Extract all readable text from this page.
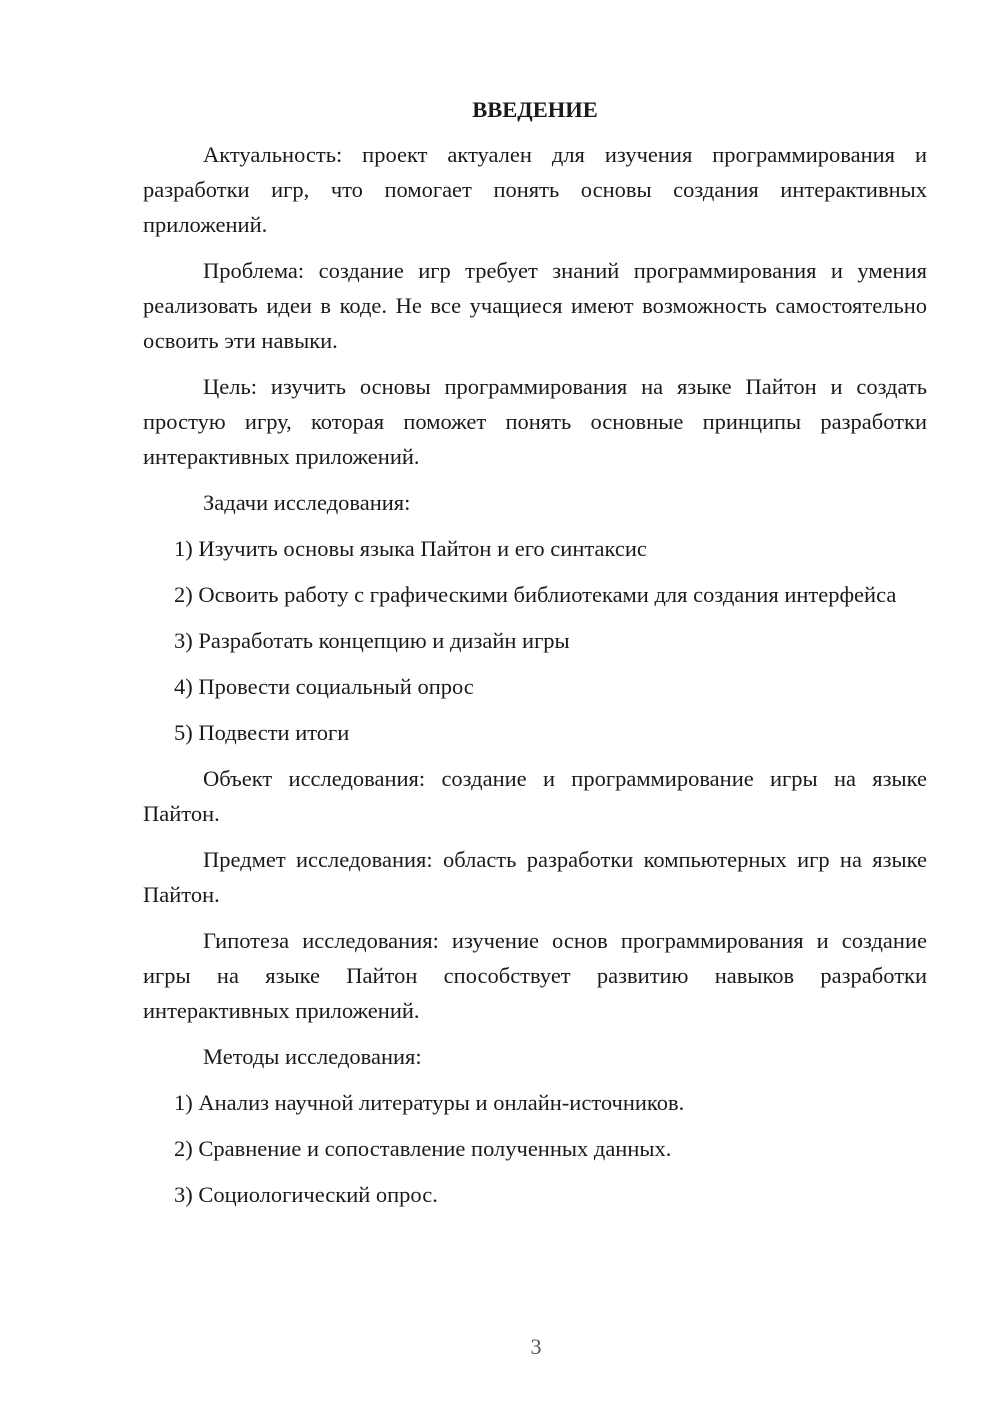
ВВЕДЕНИЕ

Актуальность: проект актуален для изучения программирования и разработки игр, что помогает понять основы создания интерактивных приложений.

Проблема: создание игр требует знаний программирования и умения реализовать идеи в коде. Не все учащиеся имеют возможность самостоятельно освоить эти навыки.

Цель: изучить основы программирования на языке Пайтон и создать простую игру, которая поможет понять основные принципы разработки интерактивных приложений.

Задачи исследования:

1) Изучить основы языка Пайтон и его синтаксис

2) Освоить работу с графическими библиотеками для создания интерфейса

3) Разработать концепцию и дизайн игры

4) Провести социальный опрос

5) Подвести итоги

Объект исследования: создание и программирование игры на языке Пайтон.

Предмет исследования: область разработки компьютерных игр на языке Пайтон.

Гипотеза исследования: изучение основ программирования и создание игры на языке Пайтон способствует развитию навыков разработки интерактивных приложений.

Методы исследования:

1) Анализ научной литературы и онлайн-источников.

2) Сравнение и сопоставление полученных данных.

3) Социологический опрос.

3
